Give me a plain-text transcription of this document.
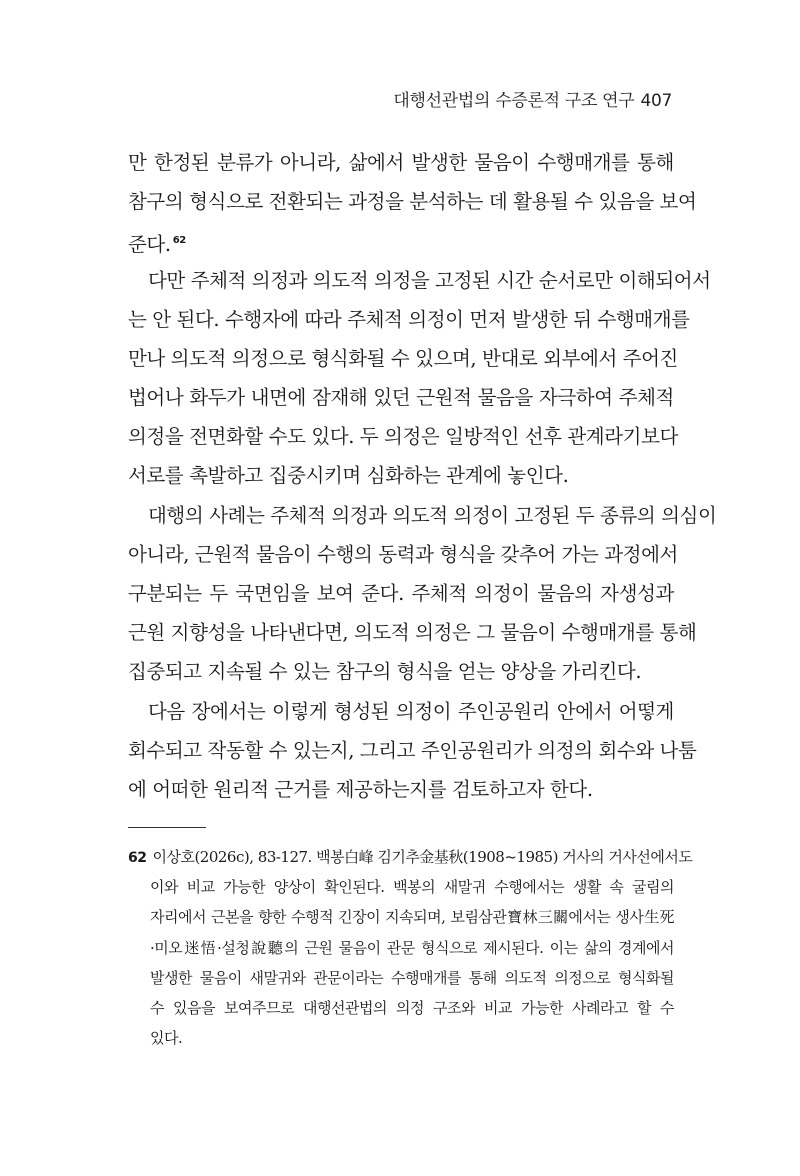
대행선관법의 수증론적 구조 연구 407
만 한정된 분류가 아니라, 삶에서 발생한 물음이 수행매개를 통해
참구의 형식으로 전환되는 과정을 분석하는 데 활용될 수 있음을 보여
준다. $^{62}$
다만 주체적 의정과 의도적 의정을 고정된 시간 순서로만 이해되어서
는 안 된다. 수행자에 따라 주체적 의정이 먼저 발생한 뒤 수행매개를
만나 의도적 의정으로 형식화될 수 있으며, 반대로 외부에서 주어진
법어나 화두가 내면에 잠재해 있던 근원적 물음을 자극하여 주체적
의정을 전면화할 수도 있다. 두 의정은 일방적인 선후 관계라기보다
서로를 촉발하고 집중시키며 심화하는 관계에 놓인다.
대행의 사례는 주체적 의정과 의도적 의정이 고정된 두 종류의 의심이
아니라, 근원적 물음이 수행의 동력과 형식을 갖추어 가는 과정에서
구분되는 두 국면임을 보여 준다. 주체적 의정이 물음의 자생성과
근원 지향성을 나타낸다면, 의도적 의정은 그 물음이 수행매개를 통해
집중되고 지속될 수 있는 참구의 형식을 얻는 양상을 가리킨다.
다음 장에서는 이렇게 형성된 의정이 주인공원리 안에서 어떻게
회수되고 작동할 수 있는지, 그리고 주인공원리가 의정의 회수와 나툼
에 어떠한 원리적 근거를 제공하는지를 검토하고자 한다.
62 이상호(2026c), 83-127. 백봉白峰 김기추金基秋(1908~1985) 거사의 거사선에서도
이와 비교 가능한 양상이 확인된다. 백봉의 새말귀 수행에서는 생활 속 굴림의
자리에서 근본을 향한 수행적 긴장이 지속되며, 보림삼관寶林三關에서는 생사生死
·미오迷悟·설청說聽의 근원 물음이 관문 형식으로 제시된다. 이는 삶의 경계에서
발생한 물음이 새말귀와 관문이라는 수행매개를 통해 의도적 의정으로 형식화될
수 있음을 보여주므로 대행선관법의 의정 구조와 비교 가능한 사례라고 할 수
있다.
